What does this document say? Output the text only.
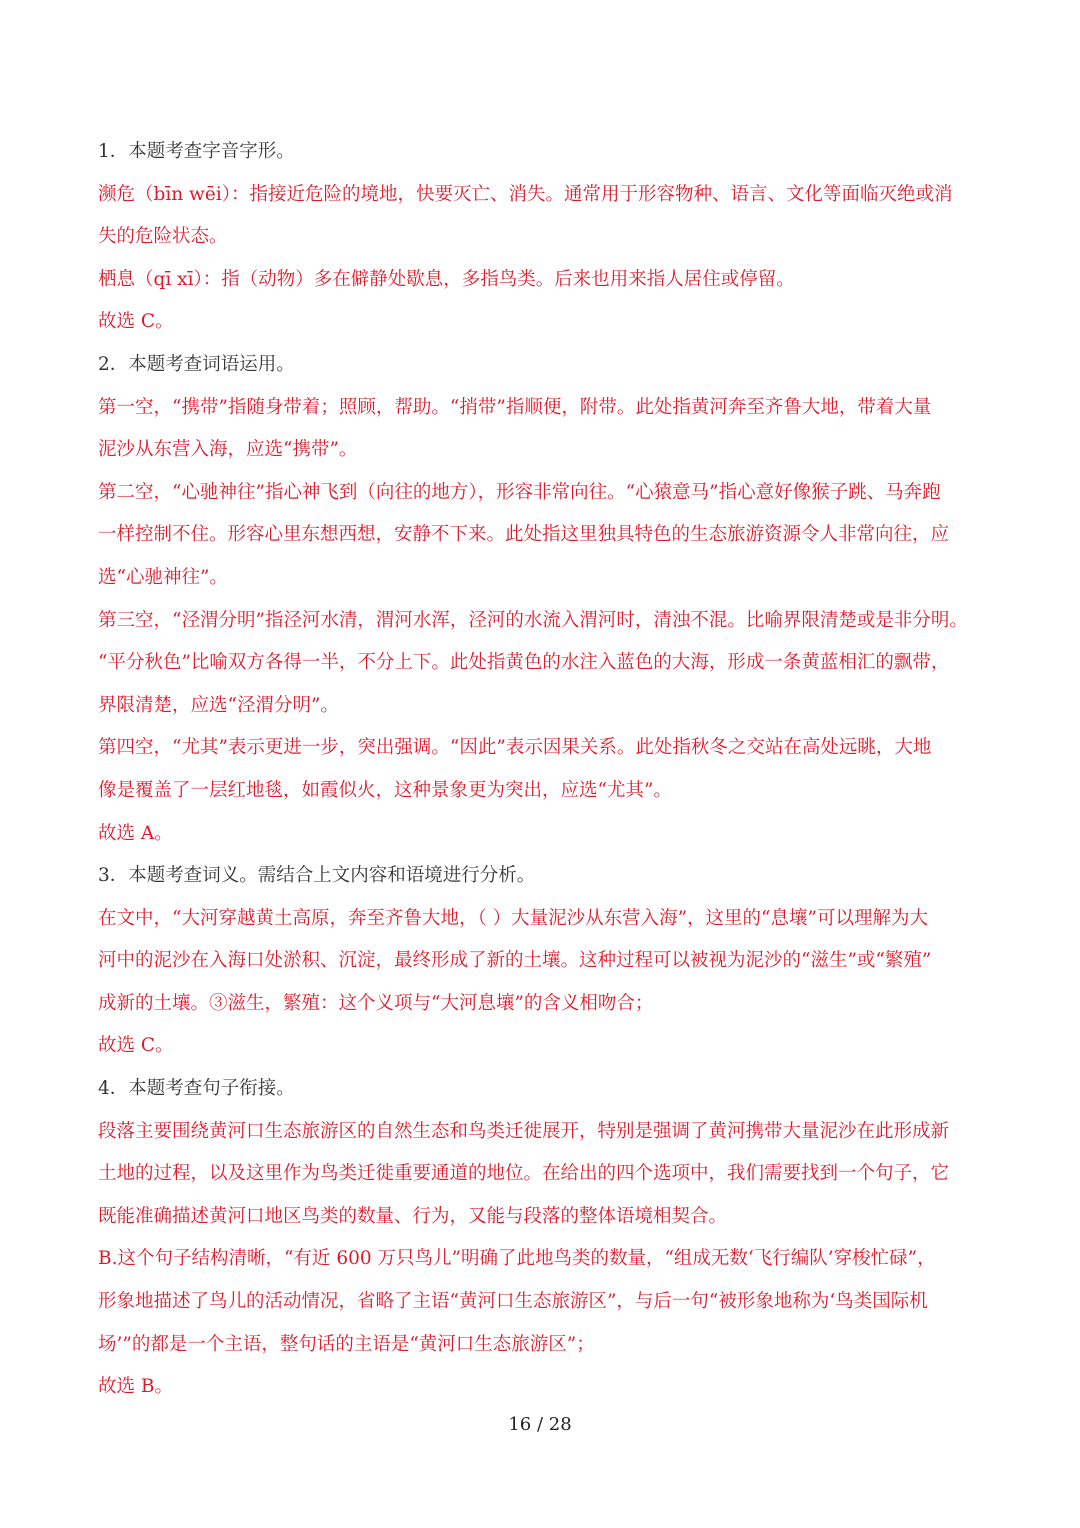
1．本题考查字音字形。
濒危（bīn wēi）：指接近危险的境地，快要灭亡、消失。通常用于形容物种、语言、文化等面临灭绝或消
失的危险状态。
栖息（qī xī）：指（动物）多在僻静处歇息，多指鸟类。后来也用来指人居住或停留。
故选 C。
2．本题考查词语运用。
第一空，“携带”指随身带着；照顾，帮助。“捎带”指顺便，附带。此处指黄河奔至齐鲁大地，带着大量
泥沙从东营入海，应选“携带”。
第二空，“心驰神往”指心神飞到（向往的地方），形容非常向往。“心猿意马”指心意好像猴子跳、马奔跑
一样控制不住。形容心里东想西想，安静不下来。此处指这里独具特色的生态旅游资源令人非常向往，应
选“心驰神往”。
第三空，“泾渭分明”指泾河水清，渭河水浑，泾河的水流入渭河时，清浊不混。比喻界限清楚或是非分明。
“平分秋色”比喻双方各得一半，不分上下。此处指黄色的水注入蓝色的大海，形成一条黄蓝相汇的飘带，
界限清楚，应选“泾渭分明”。
第四空，“尤其”表示更进一步，突出强调。“因此”表示因果关系。此处指秋冬之交站在高处远眺，大地
像是覆盖了一层红地毯，如霞似火，这种景象更为突出，应选“尤其”。
故选 A。
3．本题考查词义。需结合上文内容和语境进行分析。
在文中，“大河穿越黄土高原，奔至齐鲁大地，（ ）大量泥沙从东营入海”，这里的“息壤”可以理解为大
河中的泥沙在入海口处淤积、沉淀，最终形成了新的土壤。这种过程可以被视为泥沙的“滋生”或“繁殖”
成新的土壤。③滋生，繁殖：这个义项与“大河息壤”的含义相吻合；
故选 C。
4．本题考查句子衔接。
段落主要围绕黄河口生态旅游区的自然生态和鸟类迁徙展开，特别是强调了黄河携带大量泥沙在此形成新
土地的过程，以及这里作为鸟类迁徙重要通道的地位。在给出的四个选项中，我们需要找到一个句子，它
既能准确描述黄河口地区鸟类的数量、行为，又能与段落的整体语境相契合。
B.这个句子结构清晰，“有近 600 万只鸟儿”明确了此地鸟类的数量，“组成无数‘飞行编队’穿梭忙碌”，
形象地描述了鸟儿的活动情况，省略了主语“黄河口生态旅游区”，与后一句“被形象地称为‘鸟类国际机
场’”的都是一个主语，整句话的主语是“黄河口生态旅游区”；
故选 B。
16 / 28
